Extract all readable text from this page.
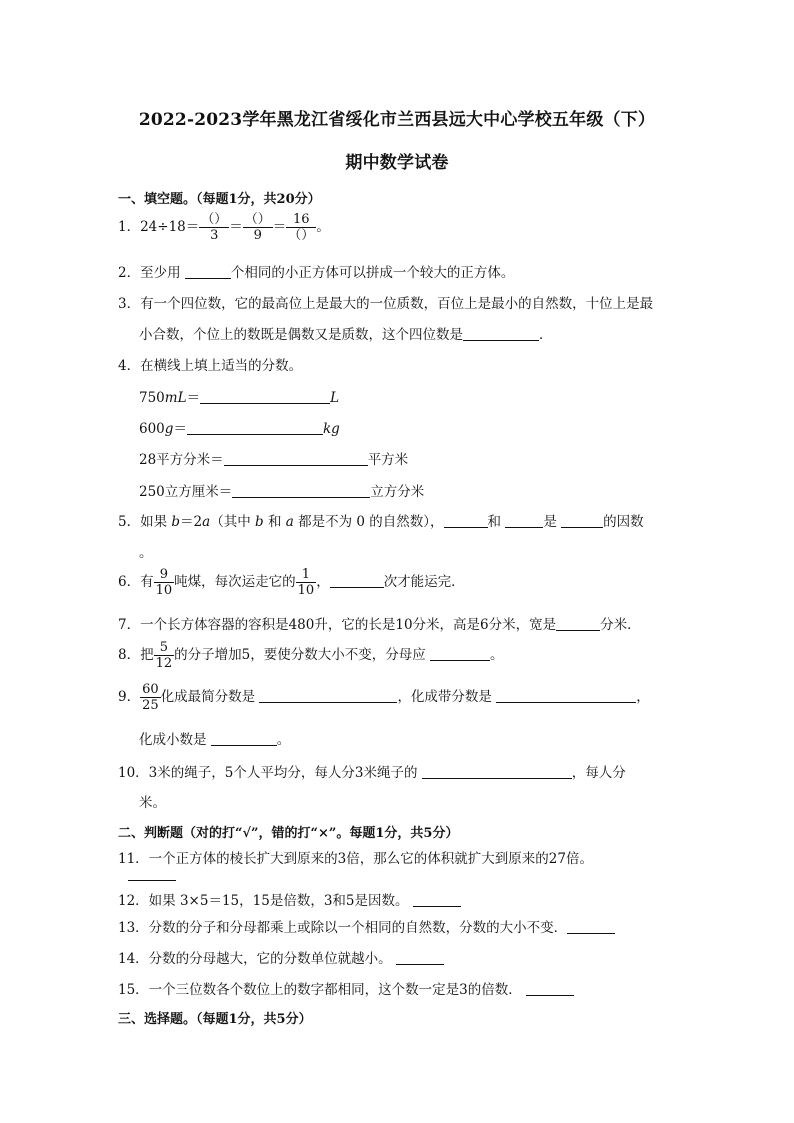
2022-2023学年黑龙江省绥化市兰西县远大中心学校五年级（下）
期中数学试卷
一、填空题。（每题1分，共20分）
1．$24\div 18= \frac{()}{3} = \frac{()}{9} = \frac{16}{()}$ 。
2．至少用	个相同的小正方体可以拼成一个较大的正方体。
3．有一个四位数，它的最高位上是最大的一位质数，百位上是最小的自然数，十位上是最
小合数，个位上的数既是偶数又是质数，这个四位数是	．
4．在横线上填上适当的分数。
750mL＝	L
600g＝	kg
28平方分米＝	平方米
250立方厘米＝	立方分米
5．如果 b＝2a（其中 b 和 a 都是不为 0 的自然数），	和	是	的因数
。
6．有 $\frac{9}{10}$ 吨煤，每次运走它的 $\frac{1}{10}$ ，	次才能运完．
7．一个长方体容器的容积是480升，它的长是10分米，高是6分米，宽是	分米．
8．把 $\frac{5}{12}$ 的分子增加5，要使分数大小不变，分母应	。
9． $\frac{60}{25}$ 化成最简分数是	，化成带分数是	，
化成小数是	。
10．3米的绳子，5个人平均分，每人分3米绳子的	，每人分
米。
二、判断题（对的打“√”，错的打“×”。每题1分，共5分）
11．一个正方体的棱长扩大到原来的3倍，那么它的体积就扩大到原来的27倍。
12．如果 3×5＝15，15是倍数，3和5是因数。
13．分数的分子和分母都乘上或除以一个相同的自然数，分数的大小不变．
14．分数的分母越大，它的分数单位就越小。
15．一个三位数各个数位上的数字都相同，这个数一定是3的倍数．
三、选择题。（每题1分，共5分）
